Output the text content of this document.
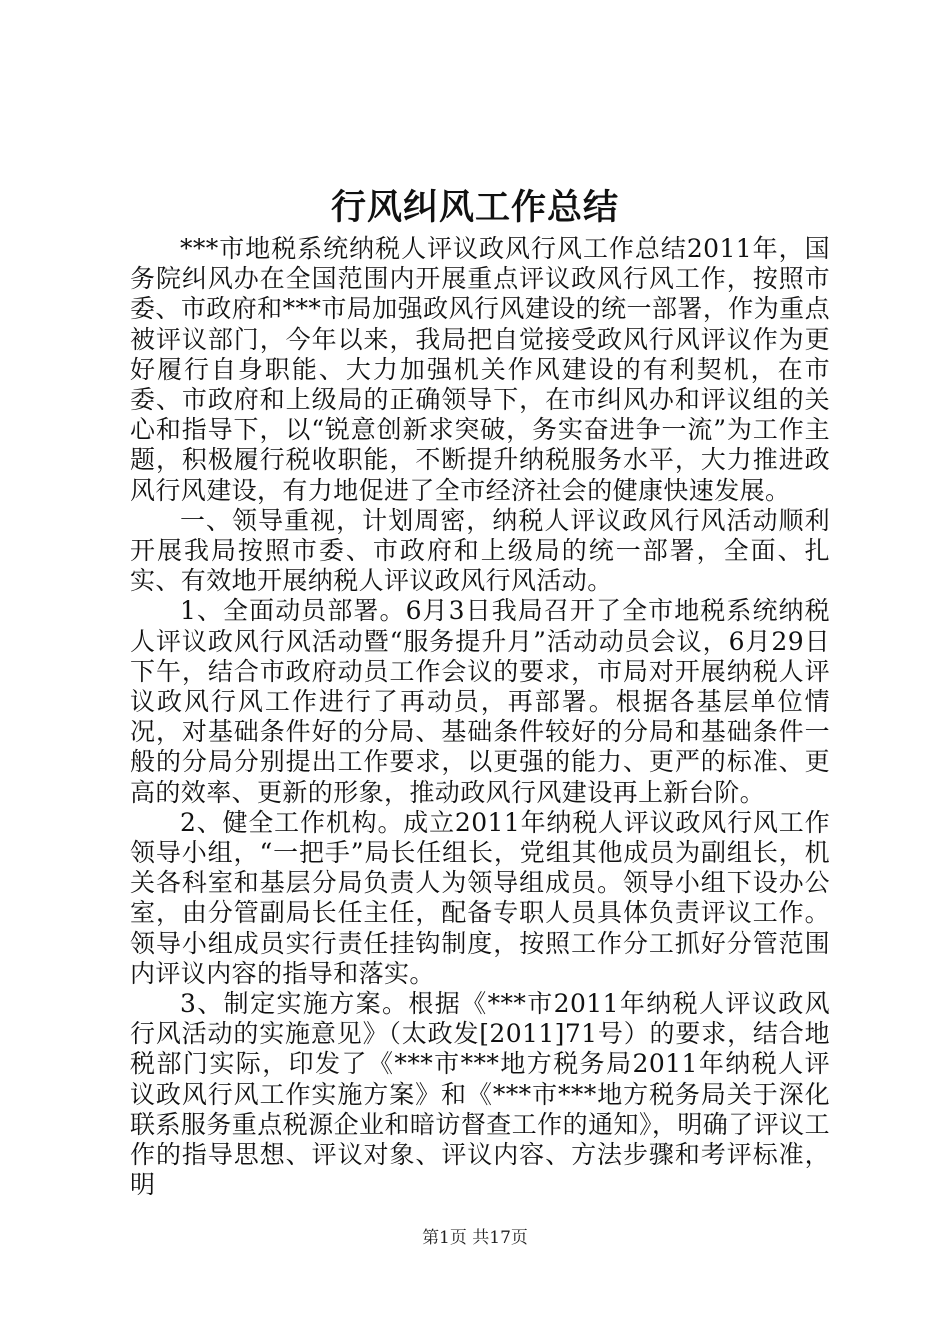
行风纠风工作总结

***市地税系统纳税人评议政风行风工作总结2011年，国务院纠风办在全国范围内开展重点评议政风行风工作，按照市委、市政府和***市局加强政风行风建设的统一部署，作为重点被评议部门，今年以来，我局把自觉接受政风行风评议作为更好履行自身职能、大力加强机关作风建设的有利契机，在市委、市政府和上级局的正确领导下，在市纠风办和评议组的关心和指导下，以“锐意创新求突破，务实奋进争一流”为工作主题，积极履行税收职能，不断提升纳税服务水平，大力推进政风行风建设，有力地促进了全市经济社会的健康快速发展。

一、领导重视，计划周密，纳税人评议政风行风活动顺利开展我局按照市委、市政府和上级局的统一部署，全面、扎实、有效地开展纳税人评议政风行风活动。

1、全面动员部署。6月3日我局召开了全市地税系统纳税人评议政风行风活动暨“服务提升月”活动动员会议，6月29日下午，结合市政府动员工作会议的要求，市局对开展纳税人评议政风行风工作进行了再动员，再部署。根据各基层单位情况，对基础条件好的分局、基础条件较好的分局和基础条件一般的分局分别提出工作要求，以更强的能力、更严的标准、更高的效率、更新的形象，推动政风行风建设再上新台阶。

2、健全工作机构。成立2011年纳税人评议政风行风工作领导小组，“一把手”局长任组长，党组其他成员为副组长，机关各科室和基层分局负责人为领导组成员。领导小组下设办公室，由分管副局长任主任，配备专职人员具体负责评议工作。领导小组成员实行责任挂钩制度，按照工作分工抓好分管范围内评议内容的指导和落实。

3、制定实施方案。根据《***市2011年纳税人评议政风行风活动的实施意见》（太政发[2011]71号）的要求，结合地税部门实际，印发了《***市***地方税务局2011年纳税人评议政风行风工作实施方案》和《***市***地方税务局关于深化联系服务重点税源企业和暗访督查工作的通知》，明确了评议工作的指导思想、评议对象、评议内容、方法步骤和考评标准，明

第1页 共17页
